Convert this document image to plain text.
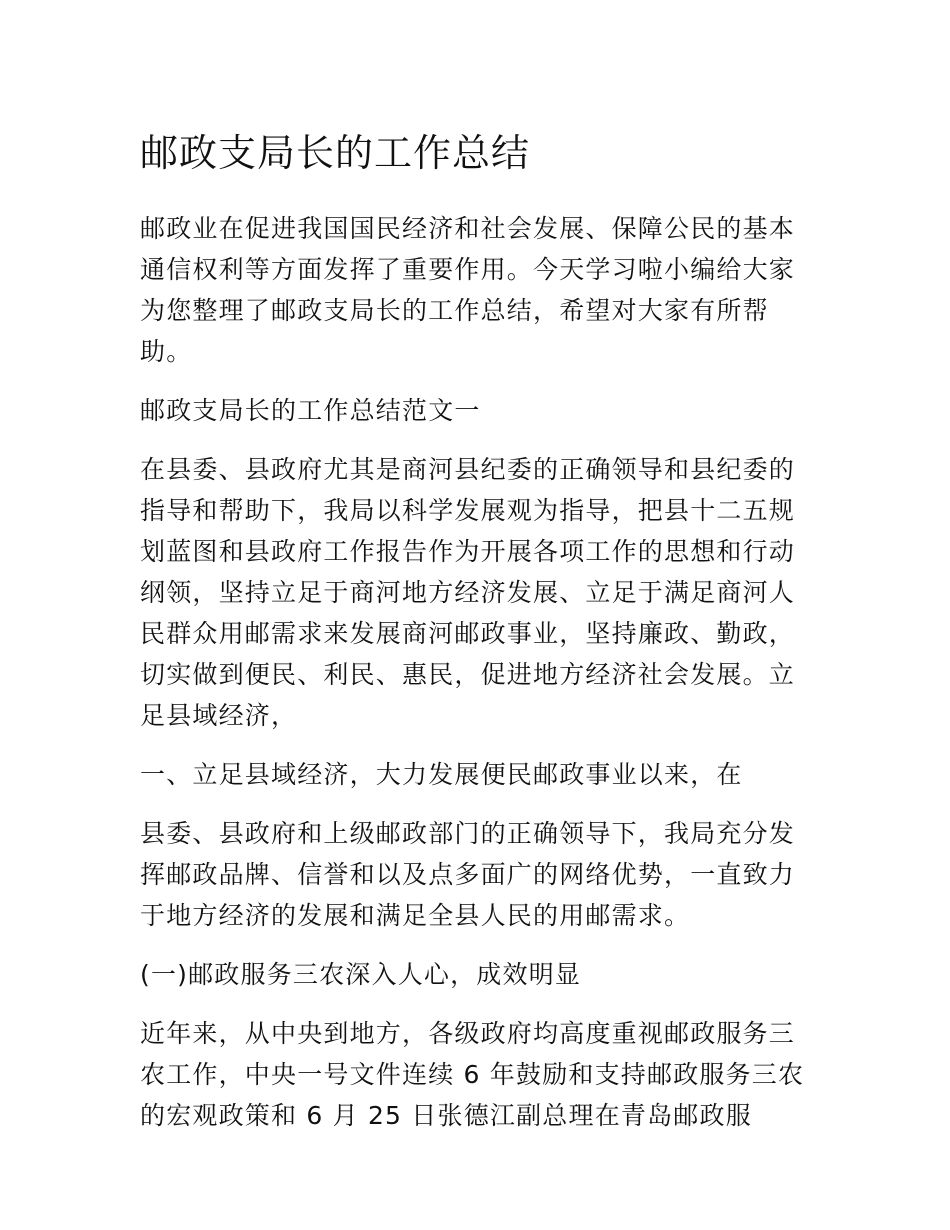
邮政支局长的工作总结

邮政业在促进我国国民经济和社会发展、保障公民的基本通信权利等方面发挥了重要作用。今天学习啦小编给大家为您整理了邮政支局长的工作总结，希望对大家有所帮助。

邮政支局长的工作总结范文一

在县委、县政府尤其是商河县纪委的正确领导和县纪委的指导和帮助下，我局以科学发展观为指导，把县十二五规划蓝图和县政府工作报告作为开展各项工作的思想和行动纲领，坚持立足于商河地方经济发展、立足于满足商河人民群众用邮需求来发展商河邮政事业，坚持廉政、勤政，切实做到便民、利民、惠民，促进地方经济社会发展。立足县域经济，

一、立足县域经济，大力发展便民邮政事业以来，在

县委、县政府和上级邮政部门的正确领导下，我局充分发挥邮政品牌、信誉和以及点多面广的网络优势，一直致力于地方经济的发展和满足全县人民的用邮需求。

(一)邮政服务三农深入人心，成效明显

近年来，从中央到地方，各级政府均高度重视邮政服务三农工作，中央一号文件连续 6 年鼓励和支持邮政服务三农的宏观政策和 6 月 25 日张德江副总理在青岛邮政服
